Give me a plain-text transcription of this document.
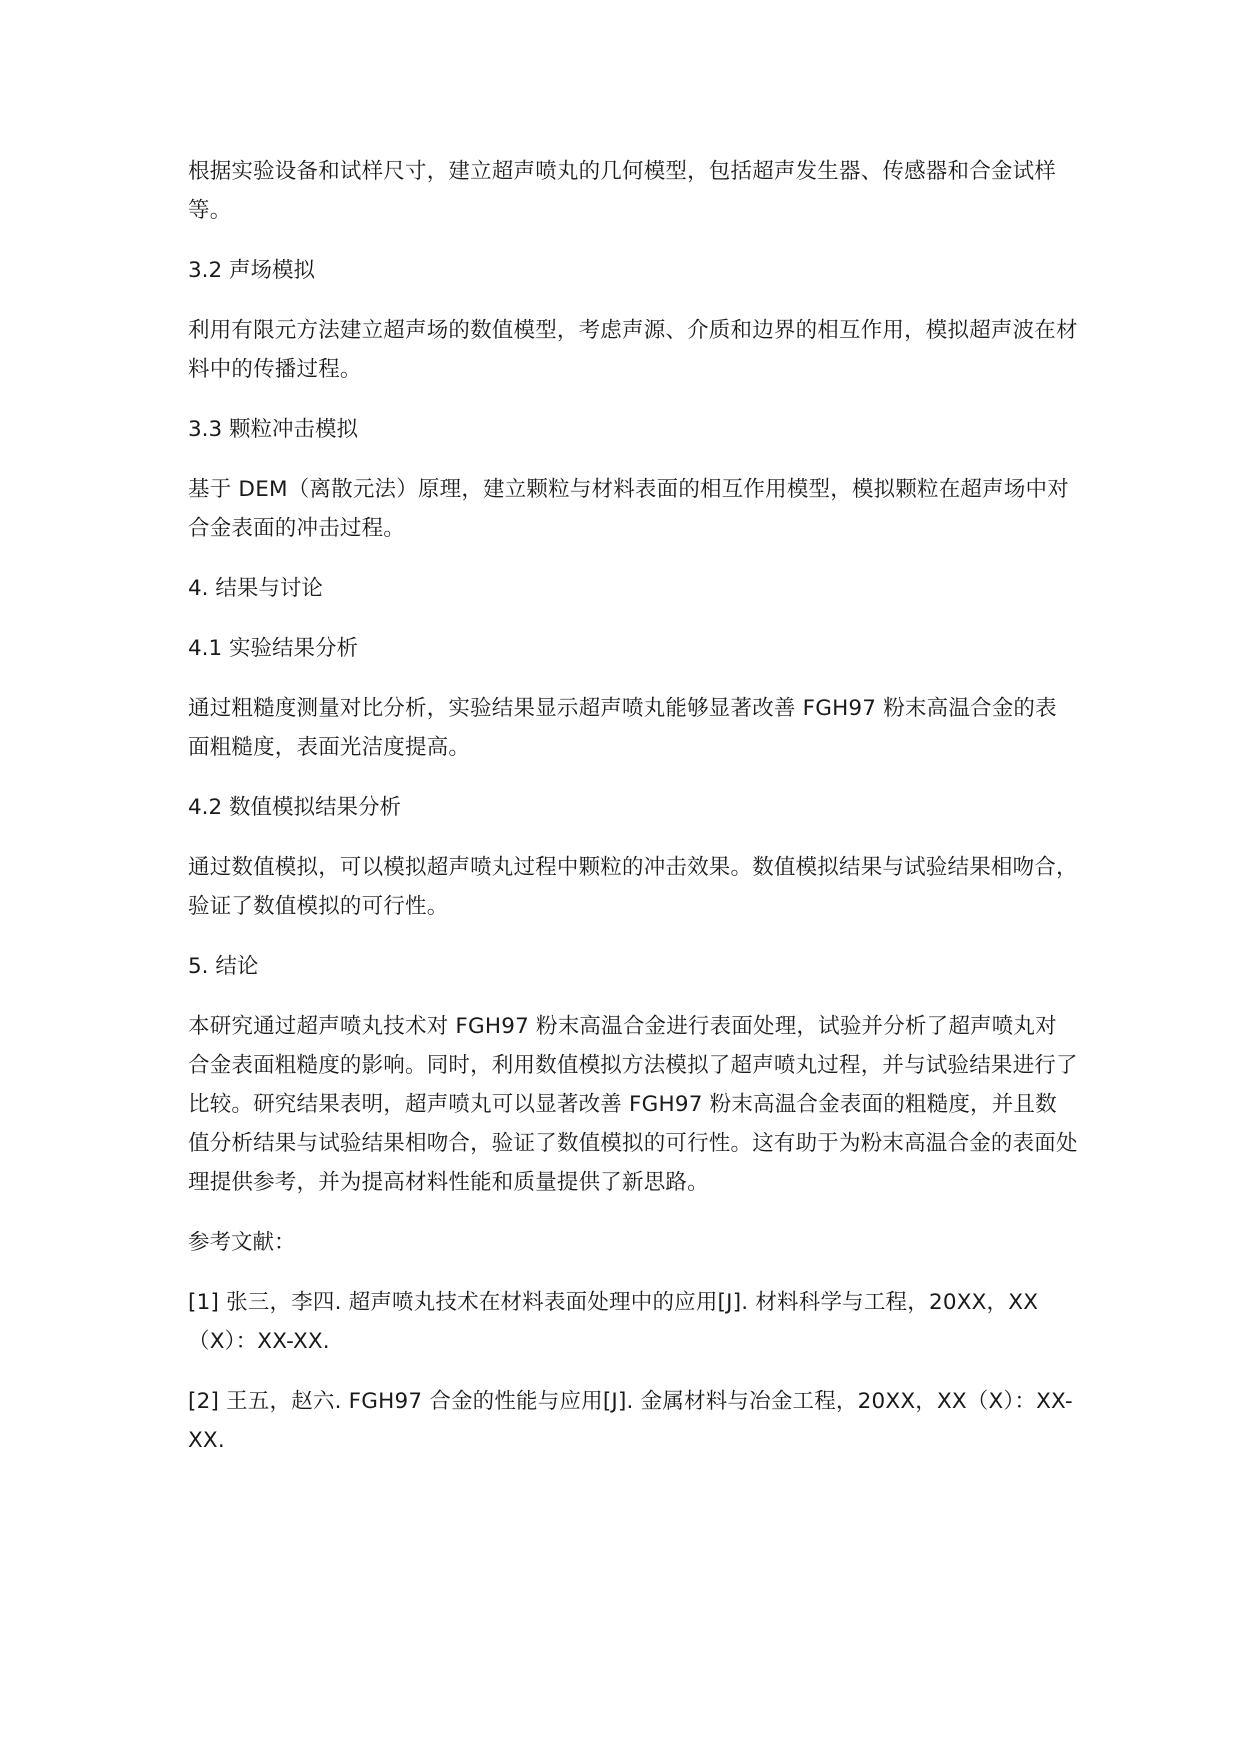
根据实验设备和试样尺寸，建立超声喷丸的几何模型，包括超声发生器、传感器和合金试样等。

3.2 声场模拟

利用有限元方法建立超声场的数值模型，考虑声源、介质和边界的相互作用，模拟超声波在材料中的传播过程。

3.3 颗粒冲击模拟

基于 DEM（离散元法）原理，建立颗粒与材料表面的相互作用模型，模拟颗粒在超声场中对合金表面的冲击过程。

4. 结果与讨论

4.1 实验结果分析

通过粗糙度测量对比分析，实验结果显示超声喷丸能够显著改善 FGH97 粉末高温合金的表面粗糙度，表面光洁度提高。

4.2 数值模拟结果分析

通过数值模拟，可以模拟超声喷丸过程中颗粒的冲击效果。数值模拟结果与试验结果相吻合，验证了数值模拟的可行性。

5. 结论

本研究通过超声喷丸技术对 FGH97 粉末高温合金进行表面处理，试验并分析了超声喷丸对合金表面粗糙度的影响。同时，利用数值模拟方法模拟了超声喷丸过程，并与试验结果进行了比较。研究结果表明，超声喷丸可以显著改善 FGH97 粉末高温合金表面的粗糙度，并且数值分析结果与试验结果相吻合，验证了数值模拟的可行性。这有助于为粉末高温合金的表面处理提供参考，并为提高材料性能和质量提供了新思路。

参考文献：

[1] 张三，李四. 超声喷丸技术在材料表面处理中的应用[J]. 材料科学与工程，20XX，XX（X）：XX-XX.

[2] 王五，赵六. FGH97 合金的性能与应用[J]. 金属材料与冶金工程，20XX，XX（X）：XX-XX.
